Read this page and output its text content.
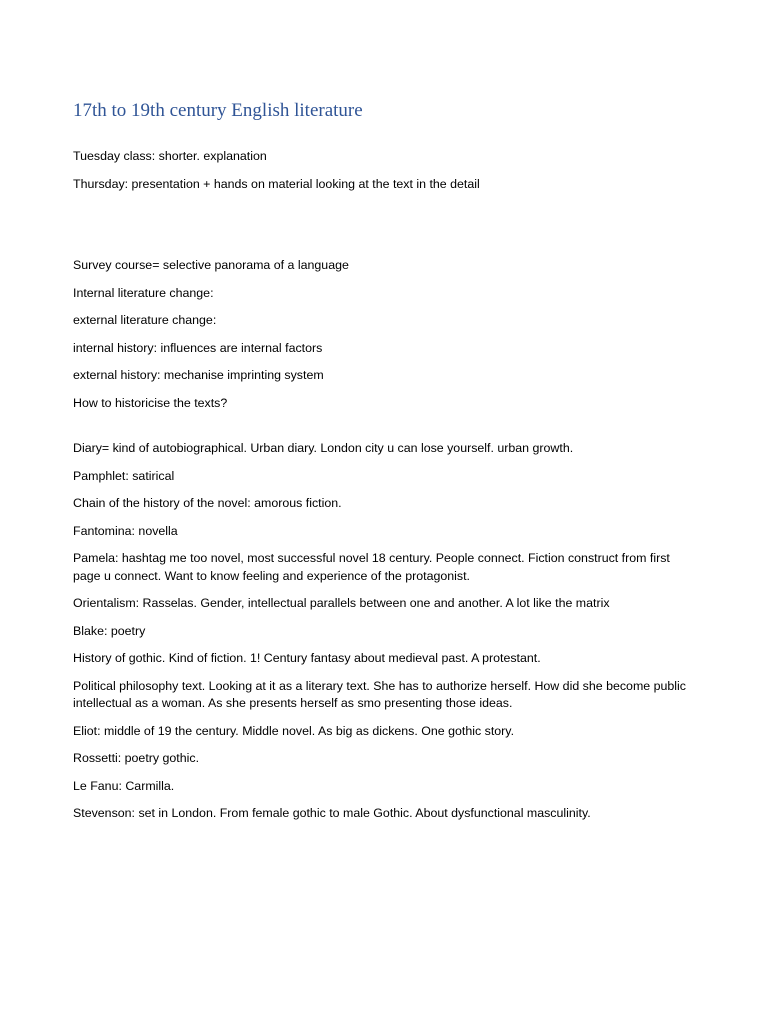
17th to 19th century English literature

Tuesday class: shorter. explanation

Thursday: presentation + hands on material looking at the text in the detail

Survey course= selective panorama of a language

Internal literature change:

external literature change:

internal history: influences are internal factors

external history: mechanise imprinting system

How to historicise the texts?

Diary= kind of autobiographical. Urban diary. London city u can lose yourself. urban growth.

Pamphlet: satirical

Chain of the history of the novel: amorous fiction.

Fantomina: novella

Pamela: hashtag me too novel, most successful novel 18 century. People connect. Fiction construct from first page u connect. Want to know feeling and experience of the protagonist.

Orientalism: Rasselas. Gender, intellectual parallels between one and another. A lot like the matrix

Blake: poetry

History of gothic. Kind of fiction. 1! Century fantasy about medieval past. A protestant.

Political philosophy text. Looking at it as a literary text. She has to authorize herself. How did she become public intellectual as a woman. As she presents herself as smo presenting those ideas.

Eliot: middle of 19 the century. Middle novel. As big as dickens. One gothic story.

Rossetti: poetry gothic.

Le Fanu: Carmilla.

Stevenson: set in London. From female gothic to male Gothic. About dysfunctional masculinity.
